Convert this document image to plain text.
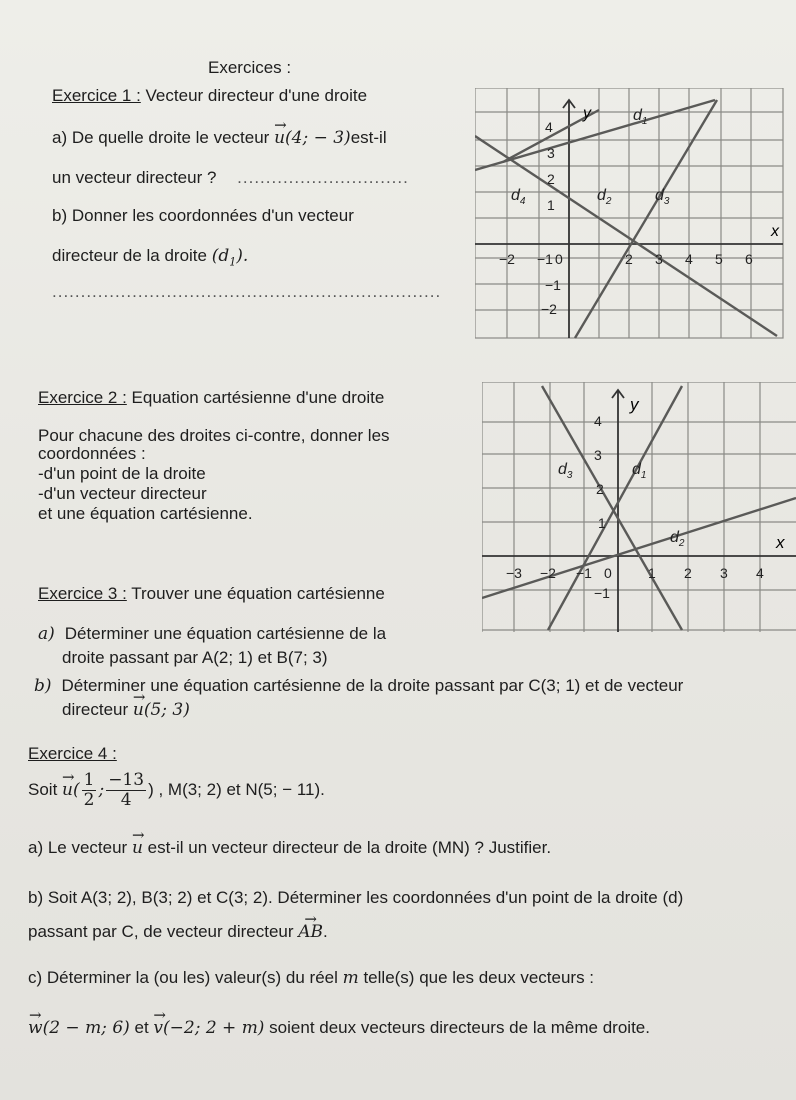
Exercices :
Exercice 1 : Vecteur directeur d'une droite
a) De quelle droite le vecteur → u(4; − 3)est-il
un vecteur directeur ? ..............................
b) Donner les coordonnées d'un vecteur
directeur de la droite $(d_1)$.
....................................................................
x
y
−2 −1 0	2 3 4 5 6
4
3
2
1
−1
−2
$d_1$
$d_4$	$d_2$	$d_3$
Exercice 2 : Equation cartésienne d'une droite
Pour chacune des droites ci-contre, donner les
coordonnées :
-d'un point de la droite
-d'un vecteur directeur
et une équation cartésienne.
x
y
−3 −2 −1 0	1 2 3 4
4
3
2
1
−1
$d_3$	$d_1$
$d_2$
Exercice 3 : Trouver une équation cartésienne
a) Déterminer une équation cartésienne de la
droite passant par A(2; 1) et B(7; 3)
b) Déterminer une équation cartésienne de la droite passant par C(3; 1) et de vecteur
directeur → u(5; 3)
Exercice 4 :
Soit → $u( \frac{1}{2}$ ; $\frac{-13}{4}$ ) , M(3; 2) et N(5; − 11).
a) Le vecteur → u est-il un vecteur directeur de la droite (MN) ? Justifier.
b) Soit A(3; 2), B(3; 2) et C(3; 2). Déterminer les coordonnées d'un point de la droite (d)
passant par C, de vecteur directeur → AB.
c) Déterminer la (ou les) valeur(s) du réel m telle(s) que les deux vecteurs :
→ w(2 − m; 6) et → v(−2; 2 + m) soient deux vecteurs directeurs de la même droite.
